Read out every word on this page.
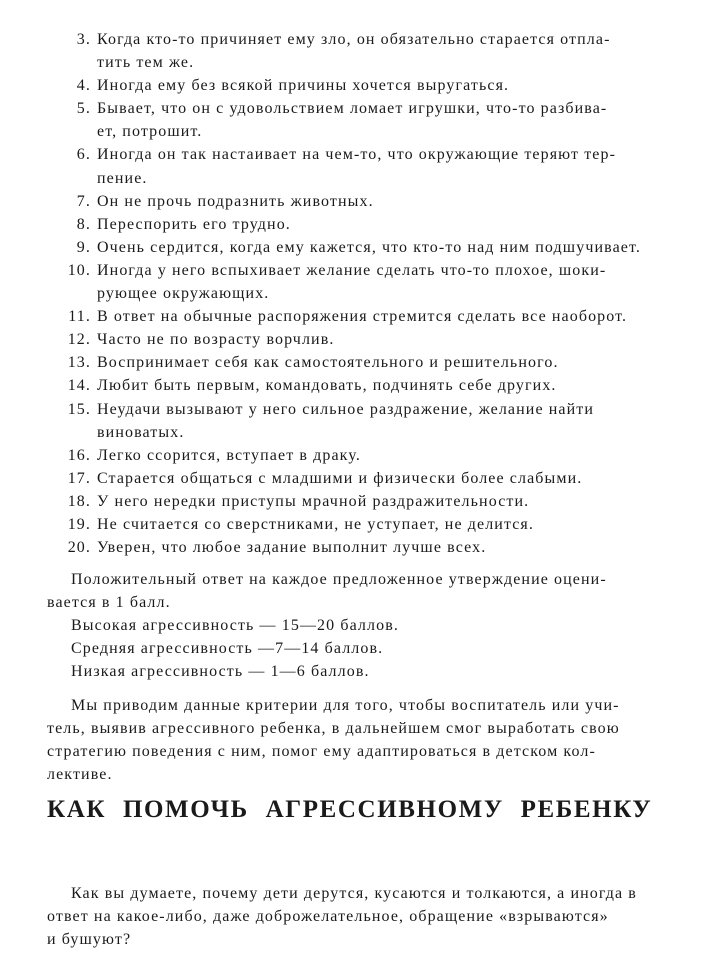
3. Когда кто-то причиняет ему зло, он обязательно старается отпла-
тить тем же.
4. Иногда ему без всякой причины хочется выругаться.
5. Бывает, что он с удовольствием ломает игрушки, что-то разбива-
ет, потрошит.
6. Иногда он так настаивает на чем-то, что окружающие теряют тер-
пение.
7. Он не прочь подразнить животных.
8. Переспорить его трудно.
9. Очень сердится, когда ему кажется, что кто-то над ним подшучивает.
10. Иногда у него вспыхивает желание сделать что-то плохое, шоки-
рующее окружающих.
11. В ответ на обычные распоряжения стремится сделать все наоборот.
12. Часто не по возрасту ворчлив.
13. Воспринимает себя как самостоятельного и решительного.
14. Любит быть первым, командовать, подчинять себе других.
15. Неудачи вызывают у него сильное раздражение, желание найти
виноватых.
16. Легко ссорится, вступает в драку.
17. Старается общаться с младшими и физически более слабыми.
18. У него нередки приступы мрачной раздражительности.
19. Не считается со сверстниками, не уступает, не делится.
20. Уверен, что любое задание выполнит лучше всех.
Положительный ответ на каждое предложенное утверждение оцени-
вается в 1 балл.
Высокая агрессивность — 15—20 баллов.
Средняя агрессивность —7—14 баллов.
Низкая агрессивность — 1—6 баллов.
Мы приводим данные критерии для того, чтобы воспитатель или учи-
тель, выявив агрессивного ребенка, в дальнейшем смог выработать свою
стратегию поведения с ним, помог ему адаптироваться в детском кол-
лективе.
КАК ПОМОЧЬ АГРЕССИВНОМУ РЕБЕНКУ
Как вы думаете, почему дети дерутся, кусаются и толкаются, а иногда в
ответ на какое-либо, даже доброжелательное, обращение «взрываются»
и бушуют?
